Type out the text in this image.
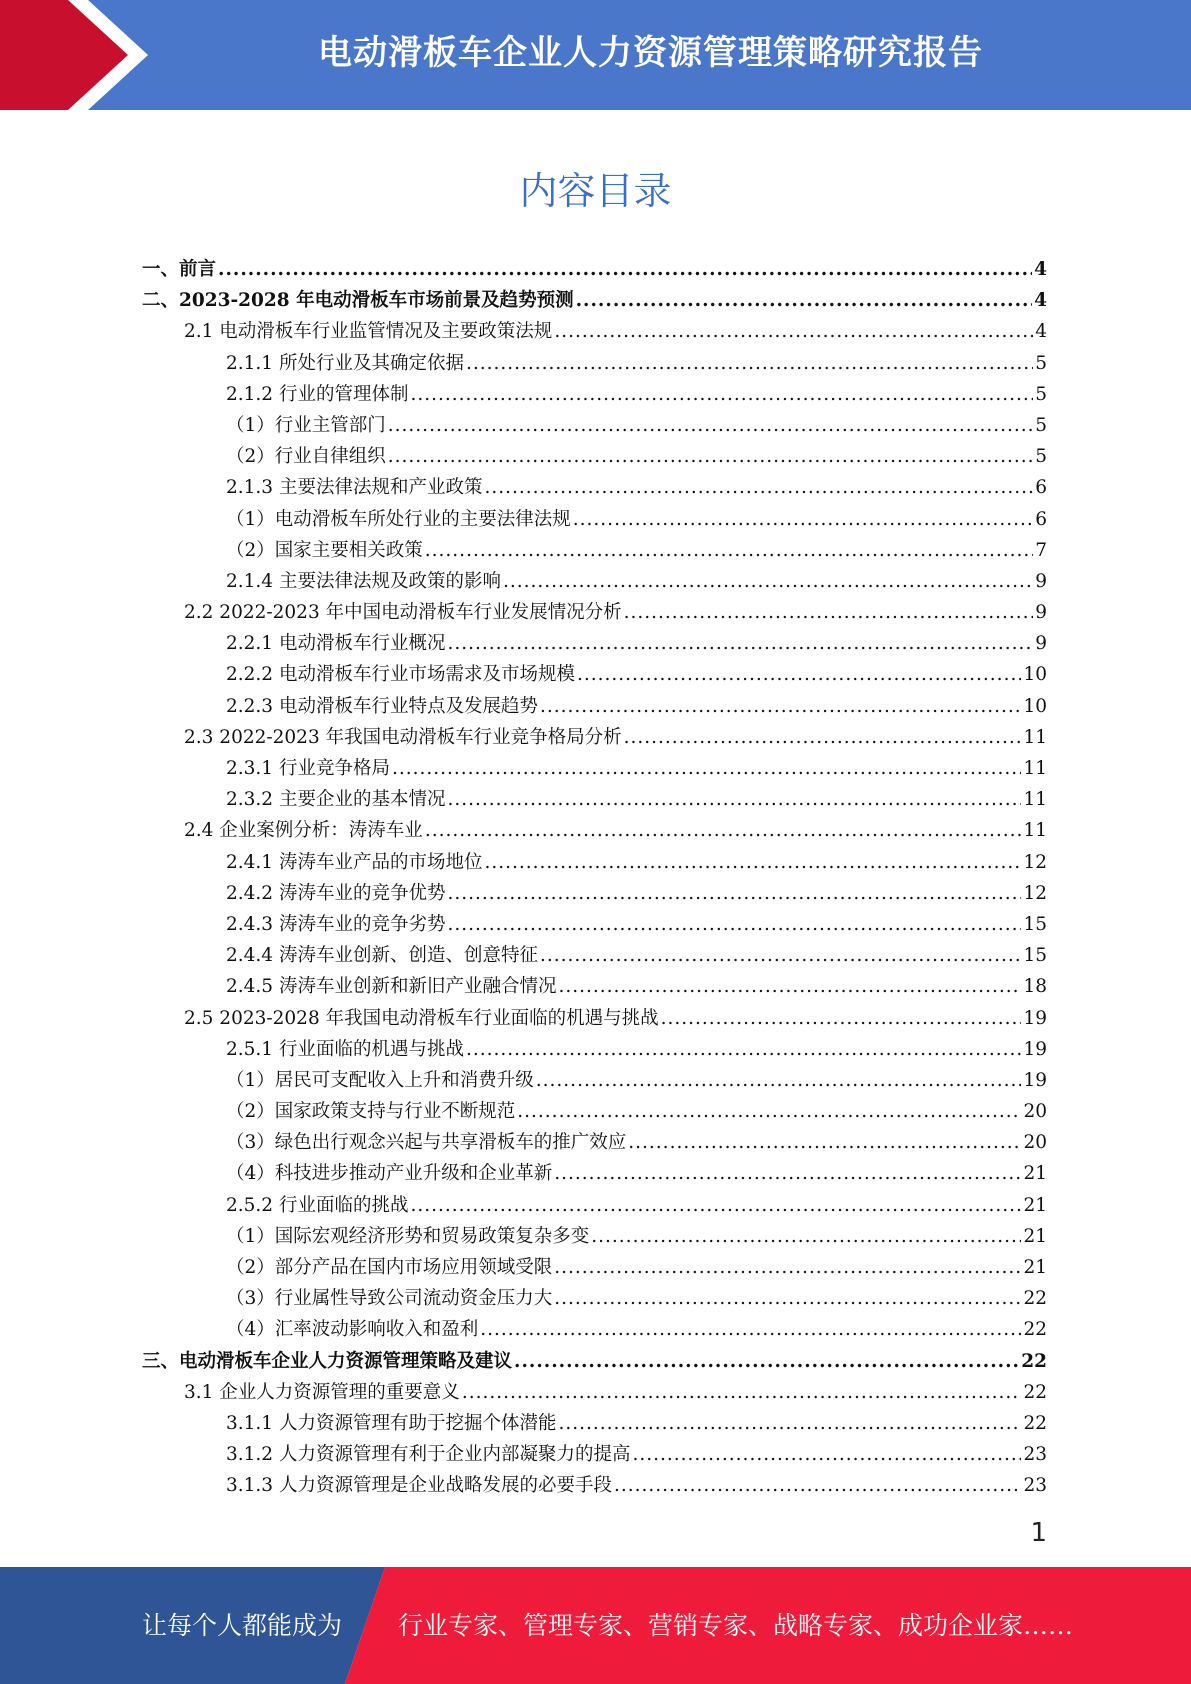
电动滑板车企业人力资源管理策略研究报告
内容目录
一、前言 .....	4
二、2023-2028 年电动滑板车市场前景及趋势预测 .....	4
2.1 电动滑板车行业监管情况及主要政策法规 .....	4
2.1.1 所处行业及其确定依据 .....	5
2.1.2 行业的管理体制 .....	5
（1）行业主管部门 .....	5
（2）行业自律组织 .....	5
2.1.3 主要法律法规和产业政策 .....	6
（1）电动滑板车所处行业的主要法律法规 .....	6
（2）国家主要相关政策 .....	7
2.1.4 主要法律法规及政策的影响 .....	9
2.2 2022-2023 年中国电动滑板车行业发展情况分析 .....	9
2.2.1 电动滑板车行业概况 .....	9
2.2.2 电动滑板车行业市场需求及市场规模 .....	10
2.2.3 电动滑板车行业特点及发展趋势 .....	10
2.3 2022-2023 年我国电动滑板车行业竞争格局分析 .....	11
2.3.1 行业竞争格局 .....	11
2.3.2 主要企业的基本情况 .....	11
2.4 企业案例分析：涛涛车业 .....	11
2.4.1 涛涛车业产品的市场地位 .....	12
2.4.2 涛涛车业的竞争优势 .....	12
2.4.3 涛涛车业的竞争劣势 .....	15
2.4.4 涛涛车业创新、创造、创意特征 .....	15
2.4.5 涛涛车业创新和新旧产业融合情况 .....	18
2.5 2023-2028 年我国电动滑板车行业面临的机遇与挑战 .....	19
2.5.1 行业面临的机遇与挑战 .....	19
（1）居民可支配收入上升和消费升级 .....	19
（2）国家政策支持与行业不断规范 .....	20
（3）绿色出行观念兴起与共享滑板车的推广效应 .....	20
（4）科技进步推动产业升级和企业革新 .....	21
2.5.2 行业面临的挑战 .....	21
（1）国际宏观经济形势和贸易政策复杂多变 .....	21
（2）部分产品在国内市场应用领域受限 .....	21
（3）行业属性导致公司流动资金压力大 .....	22
（4）汇率波动影响收入和盈利 .....	22
三、电动滑板车企业人力资源管理策略及建议 .....	22
3.1 企业人力资源管理的重要意义 .....	22
3.1.1 人力资源管理有助于挖掘个体潜能 .....	22
3.1.2 人力资源管理有利于企业内部凝聚力的提高 .....	23
3.1.3 人力资源管理是企业战略发展的必要手段 .....	23
1
让每个人都能成为 行业专家、管理专家、营销专家、战略专家、成功企业家……
